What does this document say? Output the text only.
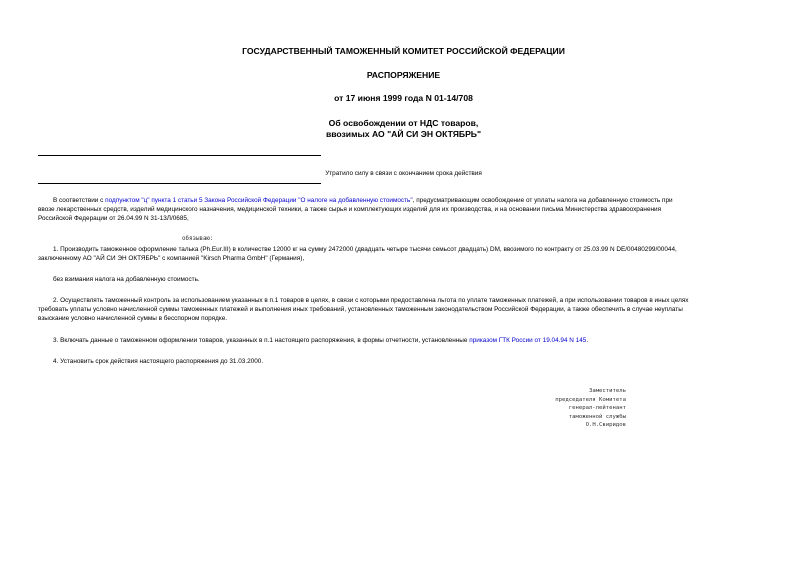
ГОСУДАРСТВЕННЫЙ ТАМОЖЕННЫЙ КОМИТЕТ РОССИЙСКОЙ ФЕДЕРАЦИИ
РАСПОРЯЖЕНИЕ
от 17 июня 1999 года N 01-14/708
Об освобождении от НДС товаров,
ввозимых АО "АЙ СИ ЭН ОКТЯБРЬ"
Утратило силу в связи с окончанием срока действия
В соответствии с подпунктом "ц" пункта 1 статьи 5 Закона Российской Федерации "О налоге на добавленную стоимость", предусматривающим освобождение от уплаты налога на добавленную стоимость при
ввозе лекарственных средств, изделий медицинского назначения, медицинской техники, а также сырья и комплектующих изделий для их производства, и на основании письма Министерства здравоохранения
Российской Федерации от 26.04.99 N 31-13Л/0685,
обязываю:
1. Производить таможенное оформление талька (Ph.Eur.III) в количестве 12000 кг на сумму 2472000 (двадцать четыре тысячи семьсот двадцать) DM, ввозимого по контракту от 25.03.99 N DE/00480299/00044,
заключенному АО "АЙ СИ ЭН ОКТЯБРЬ" с компанией "Kirsch Pharma GmbH" (Германия),
без взимания налога на добавленную стоимость.
2. Осуществлять таможенный контроль за использованием указанных в п.1 товаров в целях, в связи с которыми предоставлена льгота по уплате таможенных платежей, а при использовании товаров в иных целях
требовать уплаты условно начисленной суммы таможенных платежей и выполнения иных требований, установленных таможенным законодательством Российской Федерации, а также обеспечить в случае неуплаты
взыскание условно начисленной суммы в бесспорном порядке.
3. Включать данные о таможенном оформлении товаров, указанных в п.1 настоящего распоряжения, в формы отчетности, установленные приказом ГТК России от 19.04.94 N 145.
4. Установить срок действия настоящего распоряжения до 31.03.2000.
Заместитель
председателя Комитета
генерал-лейтенант
таможенной службы
О.Н.Свиридов
